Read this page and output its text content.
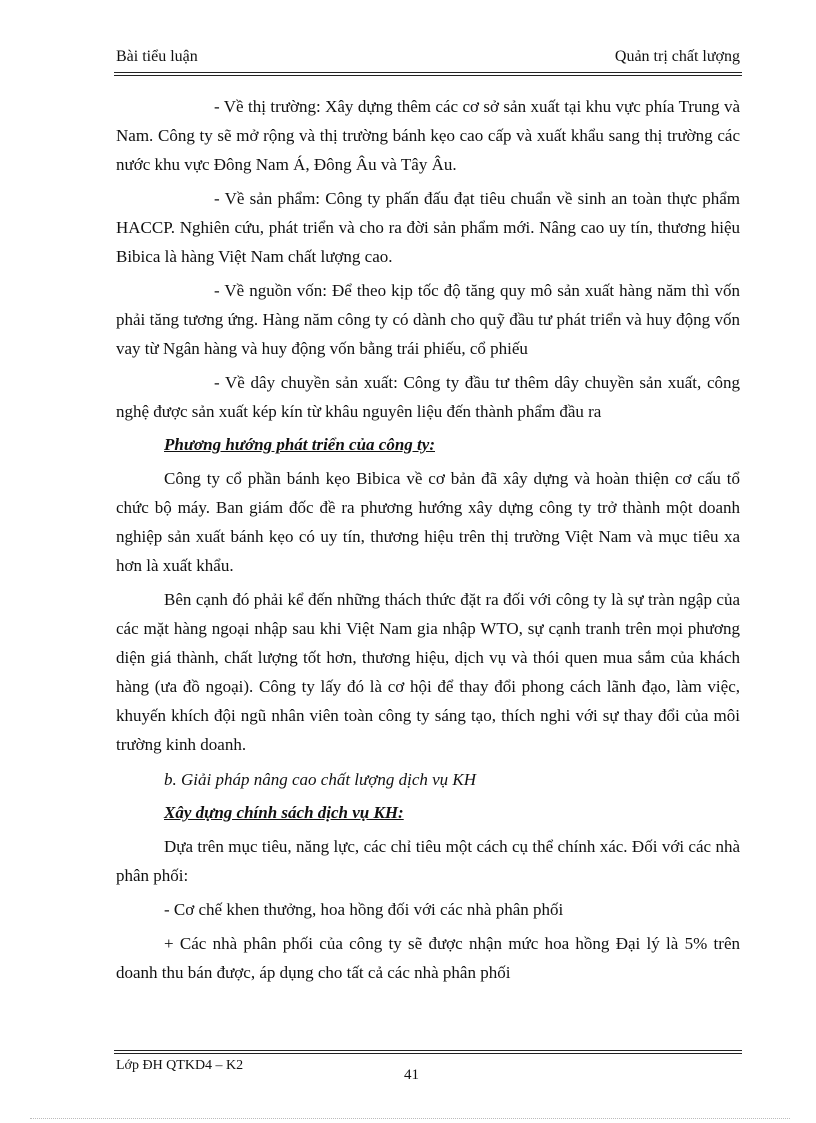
Bài tiểu luận	Quản trị chất lượng

- Về thị trường: Xây dựng thêm các cơ sở sản xuất tại khu vực phía Trung và Nam. Công ty sẽ mở rộng và thị trường bánh kẹo cao cấp và xuất khẩu sang thị trường các nước khu vực Đông Nam Á, Đông Âu và Tây Âu.

- Về sản phẩm: Công ty phấn đấu đạt tiêu chuẩn về sinh an toàn thực phẩm HACCP. Nghiên cứu, phát triển và cho ra đời sản phẩm mới. Nâng cao uy tín, thương hiệu Bibica là hàng Việt Nam chất lượng cao.

- Về nguồn vốn: Để theo kịp tốc độ tăng quy mô sản xuất hàng năm thì vốn phải tăng tương ứng. Hàng năm công ty có dành cho quỹ đầu tư phát triển và huy động vốn vay từ Ngân hàng và huy động vốn bằng trái phiếu, cổ phiếu

- Về dây chuyền sản xuất: Công ty đầu tư thêm dây chuyền sản xuất, công nghệ được sản xuất kép kín từ khâu nguyên liệu đến thành phẩm đầu ra

Phương hướng phát triển của công ty:

Công ty cổ phần bánh kẹo Bibica về cơ bản đã xây dựng và hoàn thiện cơ cấu tổ chức bộ máy. Ban giám đốc đề ra phương hướng xây dựng công ty trở thành một doanh nghiệp sản xuất bánh kẹo có uy tín, thương hiệu trên thị trường Việt Nam và mục tiêu xa hơn là xuất khẩu.

Bên cạnh đó phải kể đến những thách thức đặt ra đối với công ty là sự tràn ngập của các mặt hàng ngoại nhập sau khi Việt Nam gia nhập WTO, sự cạnh tranh trên mọi phương diện giá thành, chất lượng tốt hơn, thương hiệu, dịch vụ và thói quen mua sắm của khách hàng (ưa đồ ngoại). Công ty lấy đó là cơ hội để thay đổi phong cách lãnh đạo, làm việc, khuyến khích đội ngũ nhân viên toàn công ty sáng tạo, thích nghi với sự thay đổi của môi trường kinh doanh.

b. Giải pháp nâng cao chất lượng dịch vụ KH

Xây dựng chính sách dịch vụ KH:

Dựa trên mục tiêu, năng lực, các chỉ tiêu một cách cụ thể chính xác. Đối với các nhà phân phối:

- Cơ chế khen thưởng, hoa hồng đối với các nhà phân phối

+ Các nhà phân phối của công ty sẽ được nhận mức hoa hồng Đại lý là 5% trên doanh thu bán được, áp dụng cho tất cả các nhà phân phối

Lớp ĐH QTKD4 – K2
41
